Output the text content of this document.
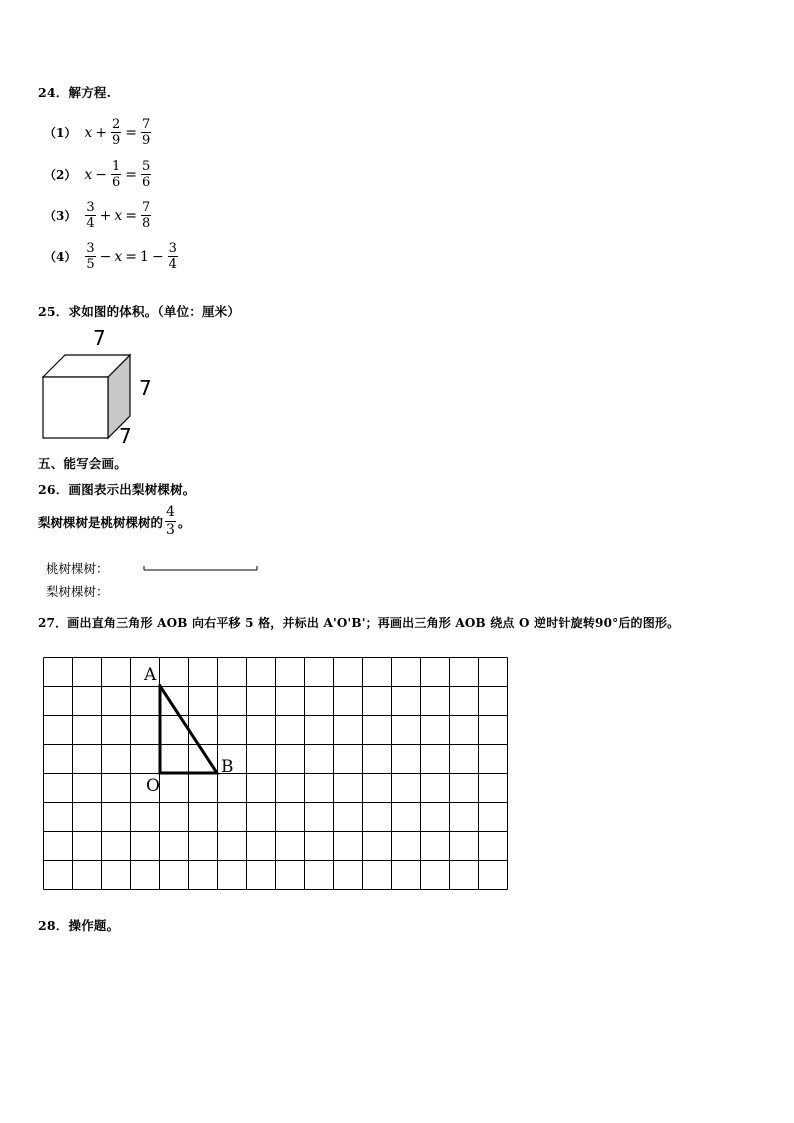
24．解方程.
（1） $x + \frac{2}{9} = \frac{7}{9}$
（2） $x - \frac{1}{6} = \frac{5}{6}$
$(3) \frac{3}{4} + x = \frac{7}{8}$
$(4) \frac{3}{5} - x = 1 - \frac{3}{4}$
25．求如图的体积。（单位：厘米）
7
7
7
五、能写会画。
26．画图表示出梨树棵树。
梨树棵树是桃树棵树的 $\frac{4}{3}$ 。
桃树棵树：
梨树棵树：
27．画出直角三角形 AOB 向右平移 5 格，并标出 A'O'B'；再画出三角形 AOB 绕点 O 逆时针旋转90°后的图形。
A
B
O
28．操作题。
